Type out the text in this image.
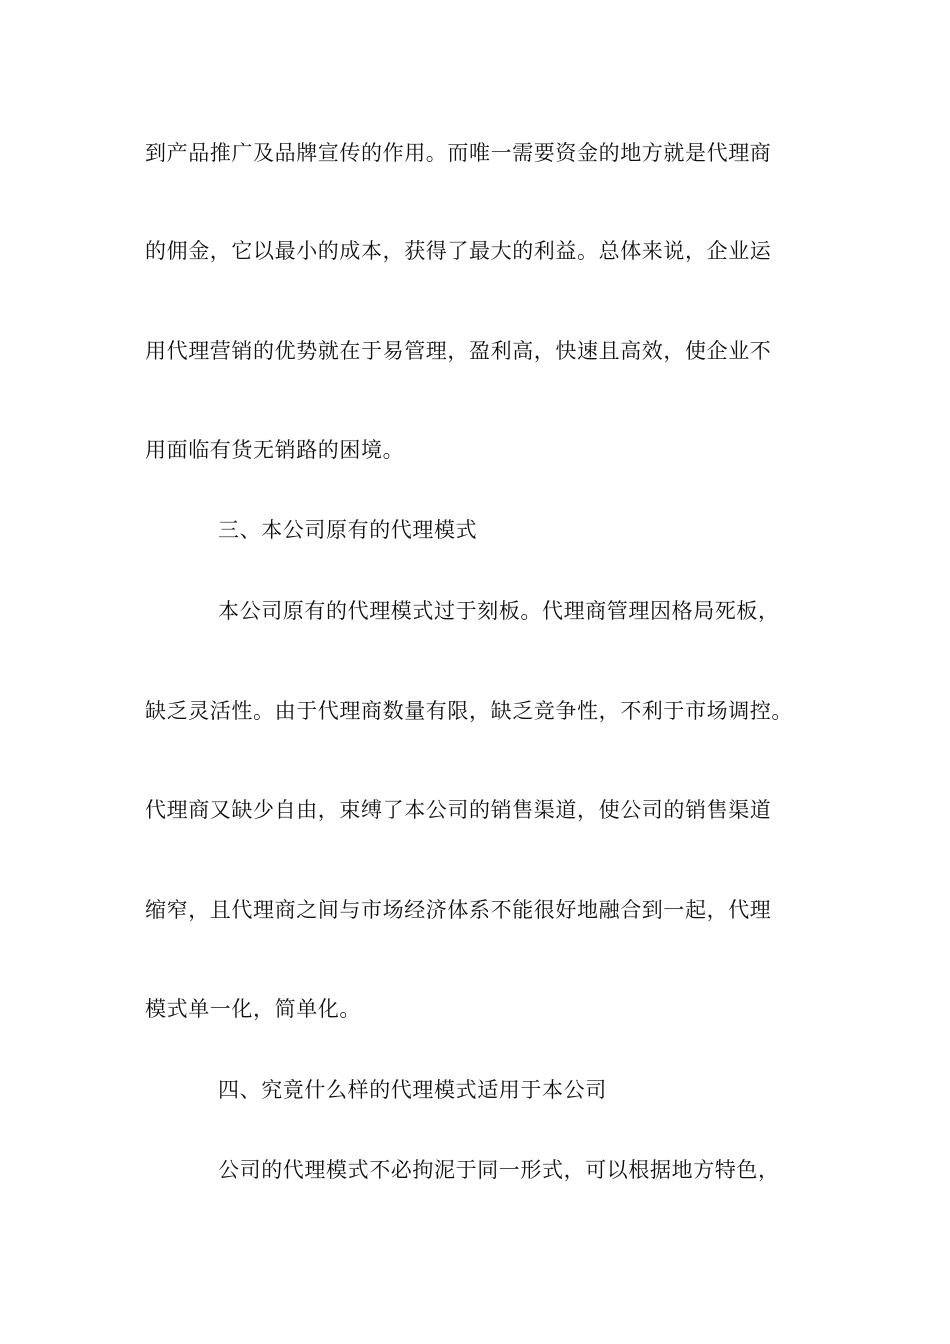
到产品推广及品牌宣传的作用。而唯一需要资金的地方就是代理商
的佣金，它以最小的成本，获得了最大的利益。总体来说，企业运
用代理营销的优势就在于易管理，盈利高，快速且高效，使企业不
用面临有货无销路的困境。
三、本公司原有的代理模式
本公司原有的代理模式过于刻板。代理商管理因格局死板，
缺乏灵活性。由于代理商数量有限，缺乏竞争性，不利于市场调控。
代理商又缺少自由，束缚了本公司的销售渠道，使公司的销售渠道
缩窄，且代理商之间与市场经济体系不能很好地融合到一起，代理
模式单一化，简单化。
四、究竟什么样的代理模式适用于本公司
公司的代理模式不必拘泥于同一形式，可以根据地方特色，
